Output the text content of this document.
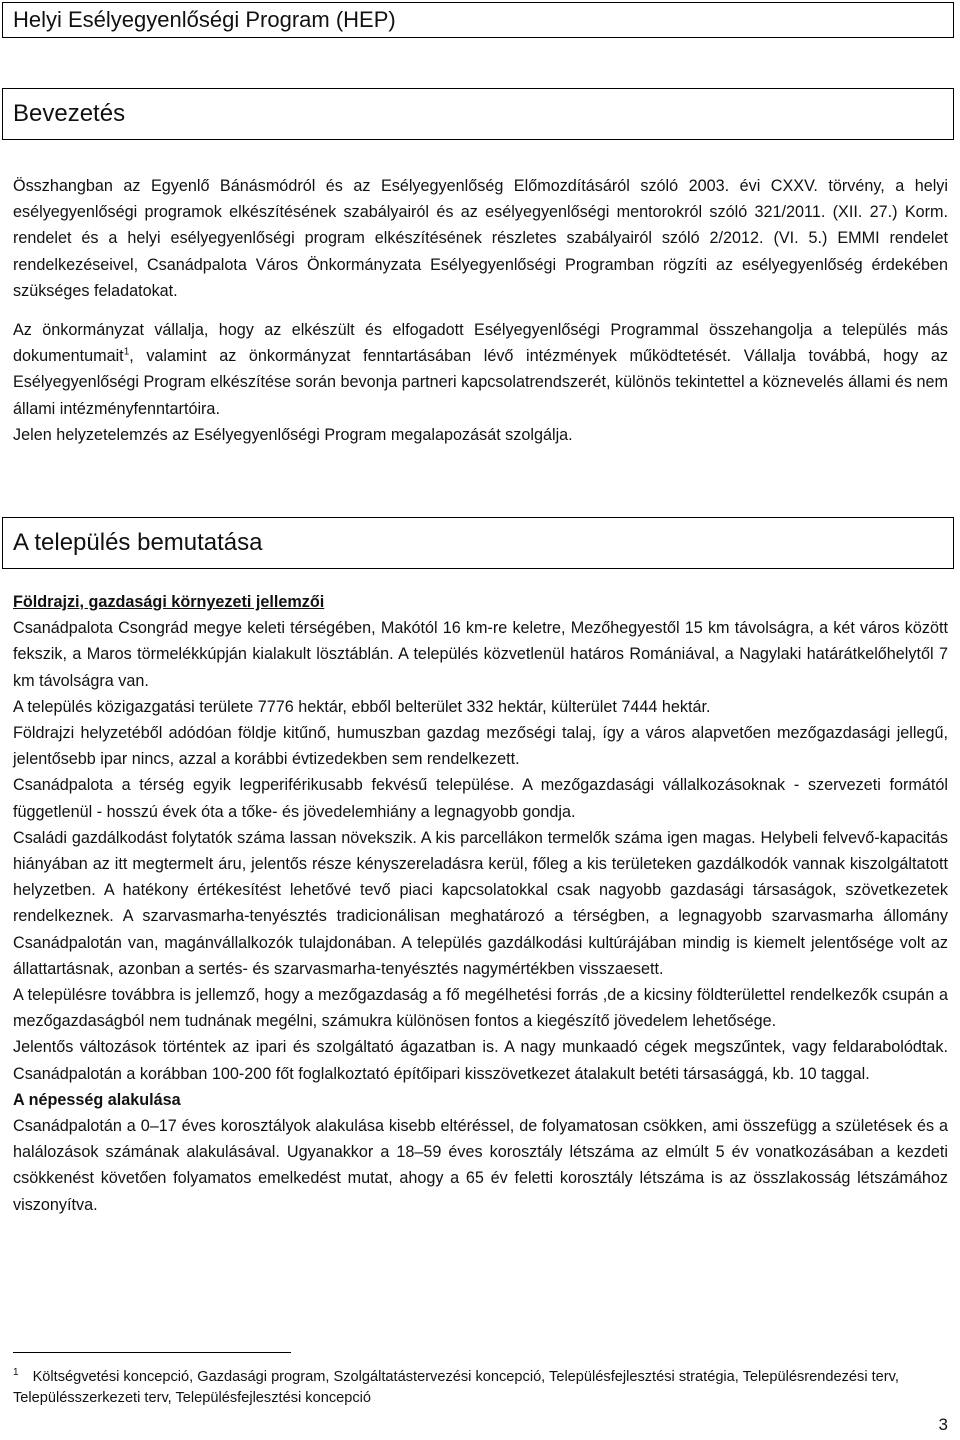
Helyi Esélyegyenlőségi Program (HEP)
Bevezetés

Összhangban az Egyenlő Bánásmódról és az Esélyegyenlőség Előmozdításáról szóló 2003. évi CXXV. törvény, a helyi esélyegyenlőségi programok elkészítésének szabályairól és az esélyegyenlőségi mentorokról szóló 321/2011. (XII. 27.) Korm. rendelet és a helyi esélyegyenlőségi program elkészítésének részletes szabályairól szóló 2/2012. (VI. 5.) EMMI rendelet rendelkezéseivel, Csanádpalota Város Önkormányzata Esélyegyenlőségi Programban rögzíti az esélyegyenlőség érdekében szükséges feladatokat.

Az önkormányzat vállalja, hogy az elkészült és elfogadott Esélyegyenlőségi Programmal összehangolja a település más dokumentumait$^1$, valamint az önkormányzat fenntartásában lévő intézmények működtetését. Vállalja továbbá, hogy az Esélyegyenlőségi Program elkészítése során bevonja partneri kapcsolatrendszerét, különös tekintettel a köznevelés állami és nem állami intézményfenntartóira.

Jelen helyzetelemzés az Esélyegyenlőségi Program megalapozását szolgálja.

A település bemutatása

Földrajzi, gazdasági környezeti jellemzői

Csanádpalota Csongrád megye keleti térségében, Makótól 16 km-re keletre, Mezőhegyestől 15 km távolságra, a két város között fekszik, a Maros törmelékkúpján kialakult lösztáblán. A település közvetlenül határos Romániával, a Nagylaki határátkelőhelytől 7 km távolságra van.

A település közigazgatási területe 7776 hektár, ebből belterület 332 hektár, külterület 7444 hektár.

Földrajzi helyzetéből adódóan földje kitűnő, humuszban gazdag mezőségi talaj, így a város alapvetően mezőgazdasági jellegű, jelentősebb ipar nincs, azzal a korábbi évtizedekben sem rendelkezett.

Csanádpalota a térség egyik legperiférikusabb fekvésű települése. A mezőgazdasági vállalkozásoknak - szervezeti formától függetlenül - hosszú évek óta a tőke- és jövedelemhiány a legnagyobb gondja.

Családi gazdálkodást folytatók száma lassan növekszik. A kis parcellákon termelők száma igen magas. Helybeli felvevő-kapacitás hiányában az itt megtermelt áru, jelentős része kényszereladásra kerül, főleg a kis területeken gazdálkodók vannak kiszolgáltatott helyzetben. A hatékony értékesítést lehetővé tevő piaci kapcsolatokkal csak nagyobb gazdasági társaságok, szövetkezetek rendelkeznek. A szarvasmarha-tenyésztés tradicionálisan meghatározó a térségben, a legnagyobb szarvasmarha állomány Csanádpalotán van, magánvállalkozók tulajdonában. A település gazdálkodási kultúrájában mindig is kiemelt jelentősége volt az állattartásnak, azonban a sertés- és szarvasmarha-tenyésztés nagymértékben visszaesett.

A településre továbbra is jellemző, hogy a mezőgazdaság a fő megélhetési forrás ,de a kicsiny földterülettel rendelkezők csupán a mezőgazdaságból nem tudnának megélni, számukra különösen fontos a kiegészítő jövedelem lehetősége.

Jelentős változások történtek az ipari és szolgáltató ágazatban is. A nagy munkaadó cégek megszűntek, vagy feldarabolódtak. Csanádpalotán a korábban 100-200 főt foglalkoztató építőipari kisszövetkezet átalakult betéti társasággá, kb. 10 taggal.

A népesség alakulása

Csanádpalotán a 0–17 éves korosztályok alakulása kisebb eltéréssel, de folyamatosan csökken, ami összefügg a születések és a halálozások számának alakulásával. Ugyanakkor a 18–59 éves korosztály létszáma az elmúlt 5 év vonatkozásában a kezdeti csökkenést követően folyamatos emelkedést mutat, ahogy a 65 év feletti korosztály létszáma is az összlakosság létszámához viszonyítva.

$^1$ Költségvetési koncepció, Gazdasági program, Szolgáltatástervezési koncepció, Településfejlesztési stratégia, Településrendezési terv, Településszerkezeti terv, Településfejlesztési koncepció
3
